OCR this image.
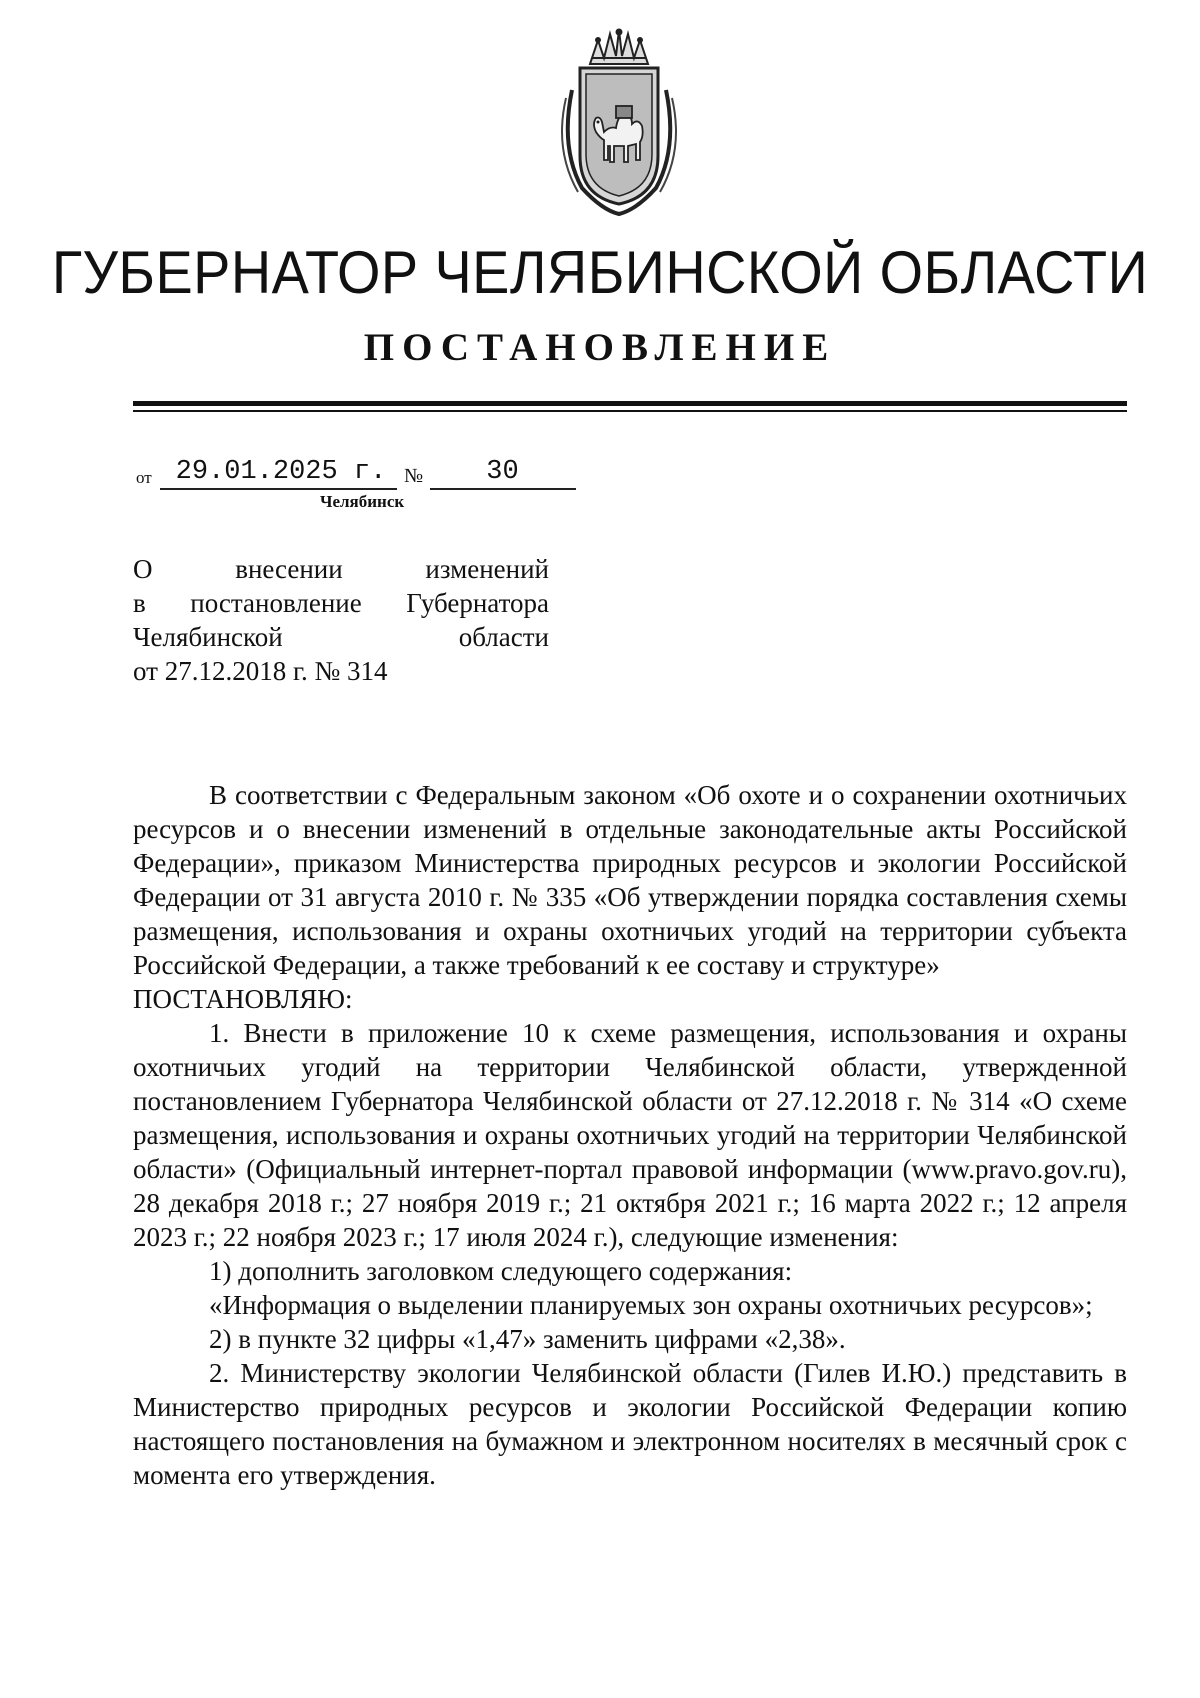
ГУБЕРНАТОР ЧЕЛЯБИНСКОЙ ОБЛАСТИ
ПОСТАНОВЛЕНИЕ
от 29.01.2025 г. №	30
Челябинск
О внесении изменений
в постановление Губернатора
Челябинской области
от 27.12.2018 г. № 314

В соответствии с Федеральным законом «Об охоте и о сохранении охотничьих ресурсов и о внесении изменений в отдельные законодательные акты Российской Федерации», приказом Министерства природных ресурсов и экологии Российской Федерации от 31 августа 2010 г. № 335 «Об утверждении порядка составления схемы размещения, использования и охраны охотничьих угодий на территории субъекта Российской Федерации, а также требований к ее составу и структуре»

ПОСТАНОВЛЯЮ:

1. Внести в приложение 10 к схеме размещения, использования и охраны охотничьих угодий на территории Челябинской области, утвержденной постановлением Губернатора Челябинской области от 27.12.2018 г. № 314 «О схеме размещения, использования и охраны охотничьих угодий на территории Челябинской области» (Официальный интернет-портал правовой информации (www.pravo.gov.ru), 28 декабря 2018 г.; 27 ноября 2019 г.; 21 октября 2021 г.; 16 марта 2022 г.; 12 апреля 2023 г.; 22 ноября 2023 г.; 17 июля 2024 г.), следующие изменения:

1) дополнить заголовком следующего содержания:

«Информация о выделении планируемых зон охраны охотничьих ресурсов»;

2) в пункте 32 цифры «1,47» заменить цифрами «2,38».

2. Министерству экологии Челябинской области (Гилев И.Ю.) представить в Министерство природных ресурсов и экологии Российской Федерации копию настоящего постановления на бумажном и электронном носителях в месячный срок с момента его утверждения.
